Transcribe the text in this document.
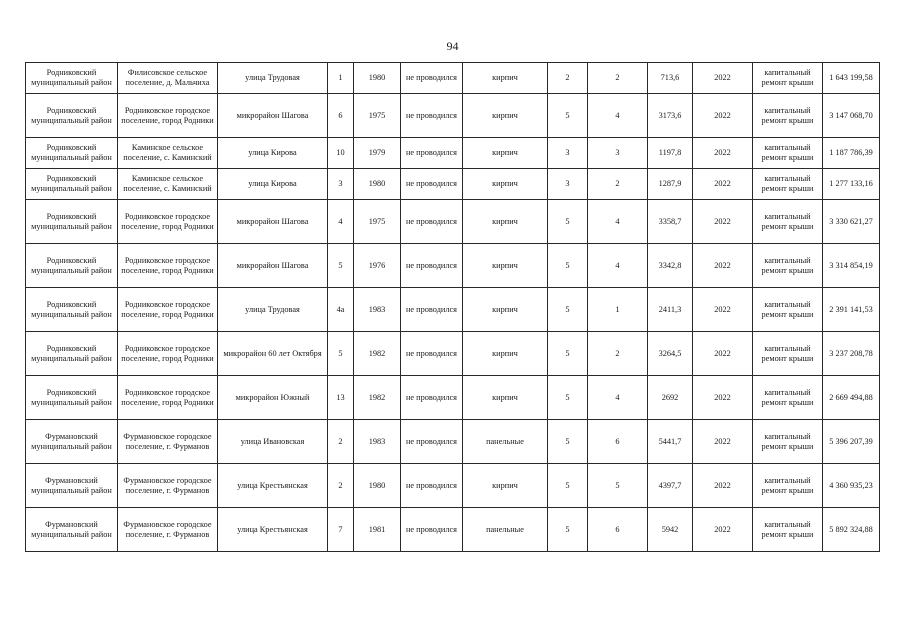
94
Родниковский муниципальный район	Филисовское сельское поселение, д. Мальчиха	улица Трудовая	1	1980	не проводился	кирпич	2	2	713,6	2022	капитальный ремонт крыши	1 643 199,58
Родниковский муниципальный район	Родниковское городское поселение, город Родники	микрорайон Шагова	6	1975	не проводился	кирпич	5	4	3173,6	2022	капитальный ремонт крыши	3 147 068,70
Родниковский муниципальный район	Каминское сельское поселение, с. Каминский	улица Кирова	10	1979	не проводился	кирпич	3	3	1197,8	2022	капитальный ремонт крыши	1 187 786,39
Родниковский муниципальный район	Каминское сельское поселение, с. Каминский	улица Кирова	3	1980	не проводился	кирпич	3	2	1287,9	2022	капитальный ремонт крыши	1 277 133,16
Родниковский муниципальный район	Родниковское городское поселение, город Родники	микрорайон Шагова	4	1975	не проводился	кирпич	5	4	3358,7	2022	капитальный ремонт крыши	3 330 621,27
Родниковский муниципальный район	Родниковское городское поселение, город Родники	микрорайон Шагова	5	1976	не проводился	кирпич	5	4	3342,8	2022	капитальный ремонт крыши	3 314 854,19
Родниковский муниципальный район	Родниковское городское поселение, город Родники	улица Трудовая	4а	1983	не проводился	кирпич	5	1	2411,3	2022	капитальный ремонт крыши	2 391 141,53
Родниковский муниципальный район	Родниковское городское поселение, город Родники	микрорайон 60 лет Октября	5	1982	не проводился	кирпич	5	2	3264,5	2022	капитальный ремонт крыши	3 237 208,78
Родниковский муниципальный район	Родниковское городское поселение, город Родники	микрорайон Южный	13	1982	не проводился	кирпич	5	4	2692	2022	капитальный ремонт крыши	2 669 494,88
Фурмановский муниципальный район	Фурмановское городское поселение, г. Фурманов	улица Ивановская	2	1983	не проводился	панельные	5	6	5441,7	2022	капитальный ремонт крыши	5 396 207,39
Фурмановский муниципальный район	Фурмановское городское поселение, г. Фурманов	улица Крестьянская	2	1980	не проводился	кирпич	5	5	4397,7	2022	капитальный ремонт крыши	4 360 935,23
Фурмановский муниципальный район	Фурмановское городское поселение, г. Фурманов	улица Крестьянская	7	1981	не проводился	панельные	5	6	5942	2022	капитальный ремонт крыши	5 892 324,88
